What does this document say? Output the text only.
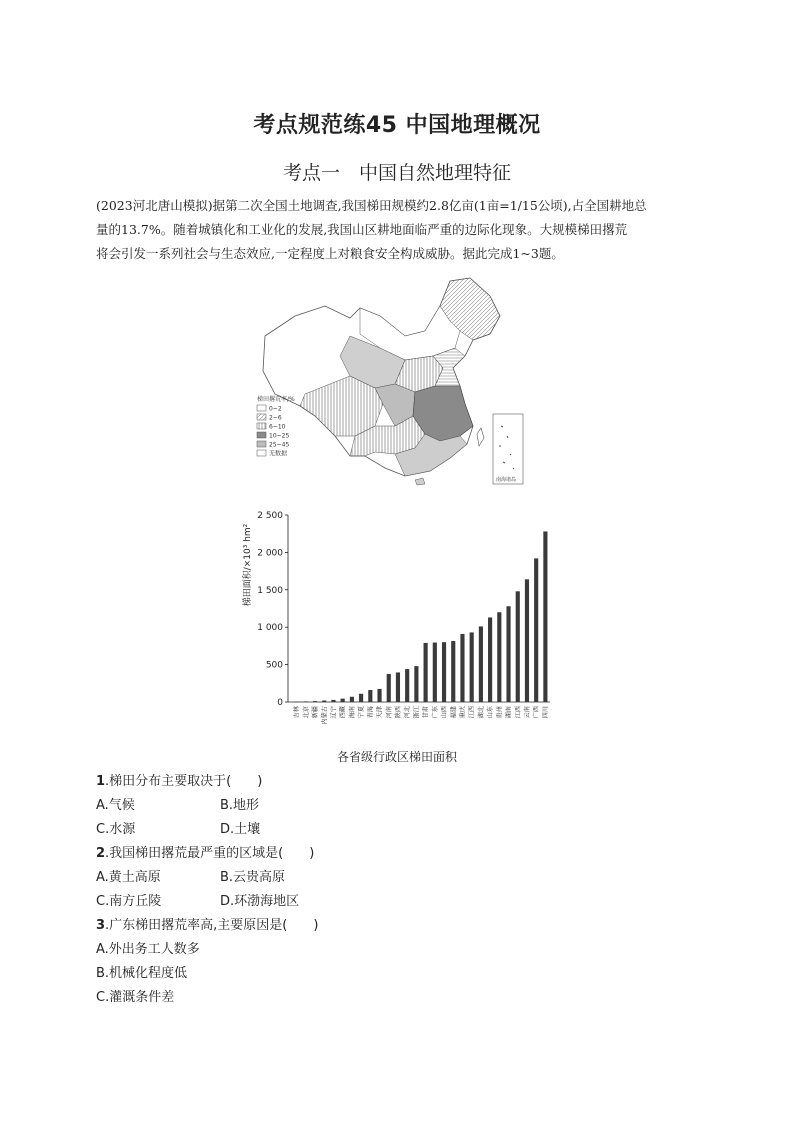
考点规范练45 中国地理概况
考点一　中国自然地理特征
(2023河北唐山模拟)据第二次全国土地调查,我国梯田规模约2.8亿亩(1亩=1/15公顷),占全国耕地总
量的13.7%。随着城镇化和工业化的发展,我国山区耕地面临严重的边际化现象。大规模梯田撂荒
将会引发一系列社会与生态效应,一定程度上对粮食安全构成威胁。据此完成1~3题。
梯田撂荒率/%
0~2
2~6
6~10
10~25
25~45
无数据
南海诸岛
梯田面积/×10³ hm²
0
500
1 000
1 500
2 000
2 500
吉林 北京 新疆 内蒙古 辽宁 西藏 海南 宁夏 青海 天津 河南 陕西 河北 浙江 甘肃 广东 山西 福建 重庆 江西 湖北 山东 贵州 湖南 江西 云南 广西 四川
各省级行政区梯田面积
1.梯田分布主要取决于(　　)
A.气候	B.地形
C.水源	D.土壤
2.我国梯田撂荒最严重的区域是(　　)
A.黄土高原	B.云贵高原
C.南方丘陵	D.环渤海地区
3.广东梯田撂荒率高,主要原因是(　　)
A.外出务工人数多
B.机械化程度低
C.灌溉条件差
